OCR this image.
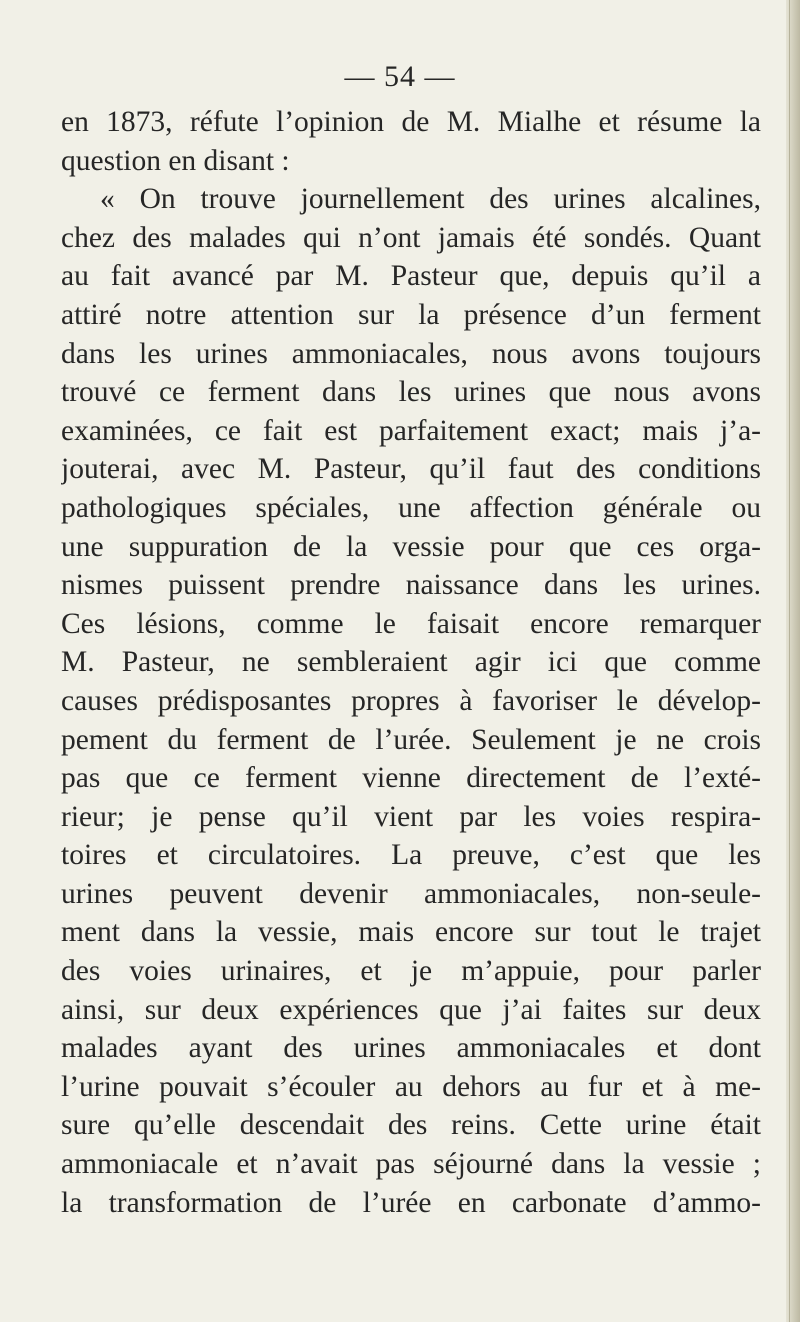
— 54 —
en 1873, réfute l’opinion de M. Mialhe et résume la
question en disant :
« On trouve journellement des urines alcalines,
chez des malades qui n’ont jamais été sondés. Quant
au fait avancé par M. Pasteur que, depuis qu’il a
attiré notre attention sur la présence d’un ferment
dans les urines ammoniacales, nous avons toujours
trouvé ce ferment dans les urines que nous avons
examinées, ce fait est parfaitement exact; mais j’a-
jouterai, avec M. Pasteur, qu’il faut des conditions
pathologiques spéciales, une affection générale ou
une suppuration de la vessie pour que ces orga-
nismes puissent prendre naissance dans les urines.
Ces lésions, comme le faisait encore remarquer
M. Pasteur, ne sembleraient agir ici que comme
causes prédisposantes propres à favoriser le dévelop-
pement du ferment de l’urée. Seulement je ne crois
pas que ce ferment vienne directement de l’exté-
rieur; je pense qu’il vient par les voies respira-
toires et circulatoires. La preuve, c’est que les
urines peuvent devenir ammoniacales, non-seule-
ment dans la vessie, mais encore sur tout le trajet
des voies urinaires, et je m’appuie, pour parler
ainsi, sur deux expériences que j’ai faites sur deux
malades ayant des urines ammoniacales et dont
l’urine pouvait s’écouler au dehors au fur et à me-
sure qu’elle descendait des reins. Cette urine était
ammoniacale et n’avait pas séjourné dans la vessie ;
la transformation de l’urée en carbonate d’ammo-
